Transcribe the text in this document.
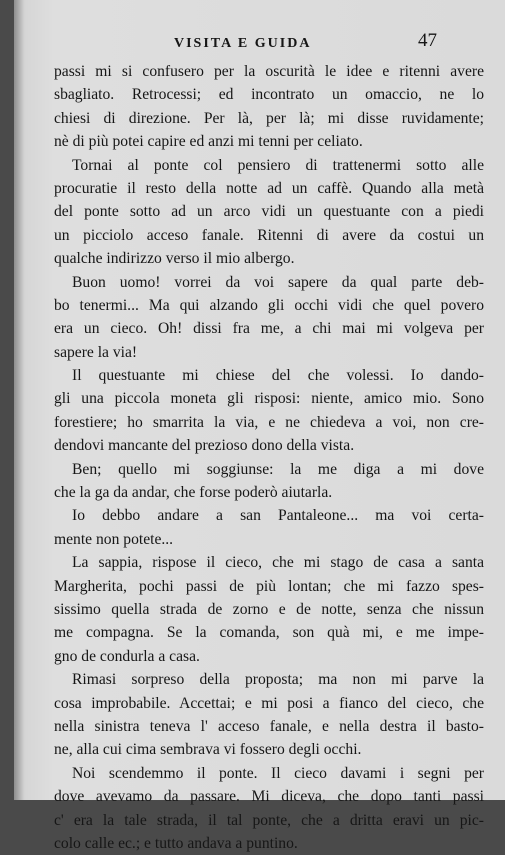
VISITA E GUIDA	47
passi mi si confusero per la oscurità le idee e ritenni avere
sbagliato. Retrocessi; ed incontrato un omaccio, ne lo
chiesi di direzione. Per là, per là; mi disse ruvidamente;
nè di più potei capire ed anzi mi tenni per celiato.
Tornai al ponte col pensiero di trattenermi sotto alle
procuratie il resto della notte ad un caffè. Quando alla metà
del ponte sotto ad un arco vidi un questuante con a piedi
un picciolo acceso fanale. Ritenni di avere da costui un
qualche indirizzo verso il mio albergo.
Buon uomo! vorrei da voi sapere da qual parte deb-
bo tenermi... Ma qui alzando gli occhi vidi che quel povero
era un cieco. Oh! dissi fra me, a chi mai mi volgeva per
sapere la via!
Il questuante mi chiese del che volessi. Io dando-
gli una piccola moneta gli risposi: niente, amico mio. Sono
forestiere; ho smarrita la via, e ne chiedeva a voi, non cre-
dendovi mancante del prezioso dono della vista.
Ben; quello mi soggiunse: la me diga a mi dove
che la ga da andar, che forse poderò aiutarla.
Io debbo andare a san Pantaleone... ma voi certa-
mente non potete...
La sappia, rispose il cieco, che mi stago de casa a santa
Margherita, pochi passi de più lontan; che mi fazzo spes-
sissimo quella strada de zorno e de notte, senza che nissun
me compagna. Se la comanda, son quà mi, e me impe-
gno de condurla a casa.
Rimasi sorpreso della proposta; ma non mi parve la
cosa improbabile. Accettai; e mi posi a fianco del cieco, che
nella sinistra teneva l' acceso fanale, e nella destra il basto-
ne, alla cui cima sembrava vi fossero degli occhi.
Noi scendemmo il ponte. Il cieco davami i segni per
dove avevamo da passare. Mi diceva, che dopo tanti passi
c' era la tale strada, il tal ponte, che a dritta eravi un pic-
colo calle ec.; e tutto andava a puntino.
